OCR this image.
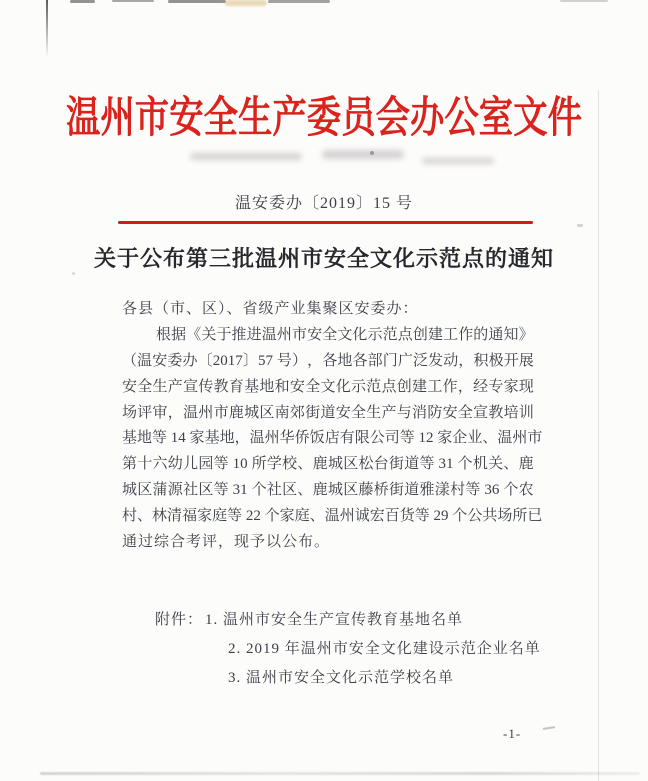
温州市安全生产委员会办公室文件
温安委办〔2019〕15 号
关于公布第三批温州市安全文化示范点的通知
各县（市、区）、省级产业集聚区安委办：
根 据 《 关 于 推 进 温 州 市 安 全 文 化 示 范 点 创 建 工 作 的 通 知 》
（ 温 安 委 办 〔 2017 〕 57 号 ） ， 各 地 各 部 门 广 泛 发 动 ， 积 极 开 展
安 全 生 产 宣 传 教 育 基 地 和 安 全 文 化 示 范 点 创 建 工 作 ， 经 专 家 现
场 评 审 ， 温 州 市 鹿 城 区 南 郊 街 道 安 全 生 产 与 消 防 安 全 宣 教 培 训
基 地 等 14 家 基 地 ， 温 州 华 侨 饭 店 有 限 公 司 等 12 家 企 业 、 温 州 市
第 十 六 幼 儿 园 等 10 所 学 校 、 鹿 城 区 松 台 街 道 等 31 个 机 关 、 鹿
城 区 蒲 源 社 区 等 31 个 社 区 、 鹿 城 区 藤 桥 街 道 雅 漾 村 等 36 个 农
村 、 林 清 福 家 庭 等 22 个 家 庭 、 温 州 诚 宏 百 货 等 29 个 公 共 场 所 已
通过综合考评，现予以公布。
附件： 1. 温州市安全生产宣传教育基地名单
2. 2019 年温州市安全文化建设示范企业名单
3. 温州市安全文化示范学校名单
-1-
